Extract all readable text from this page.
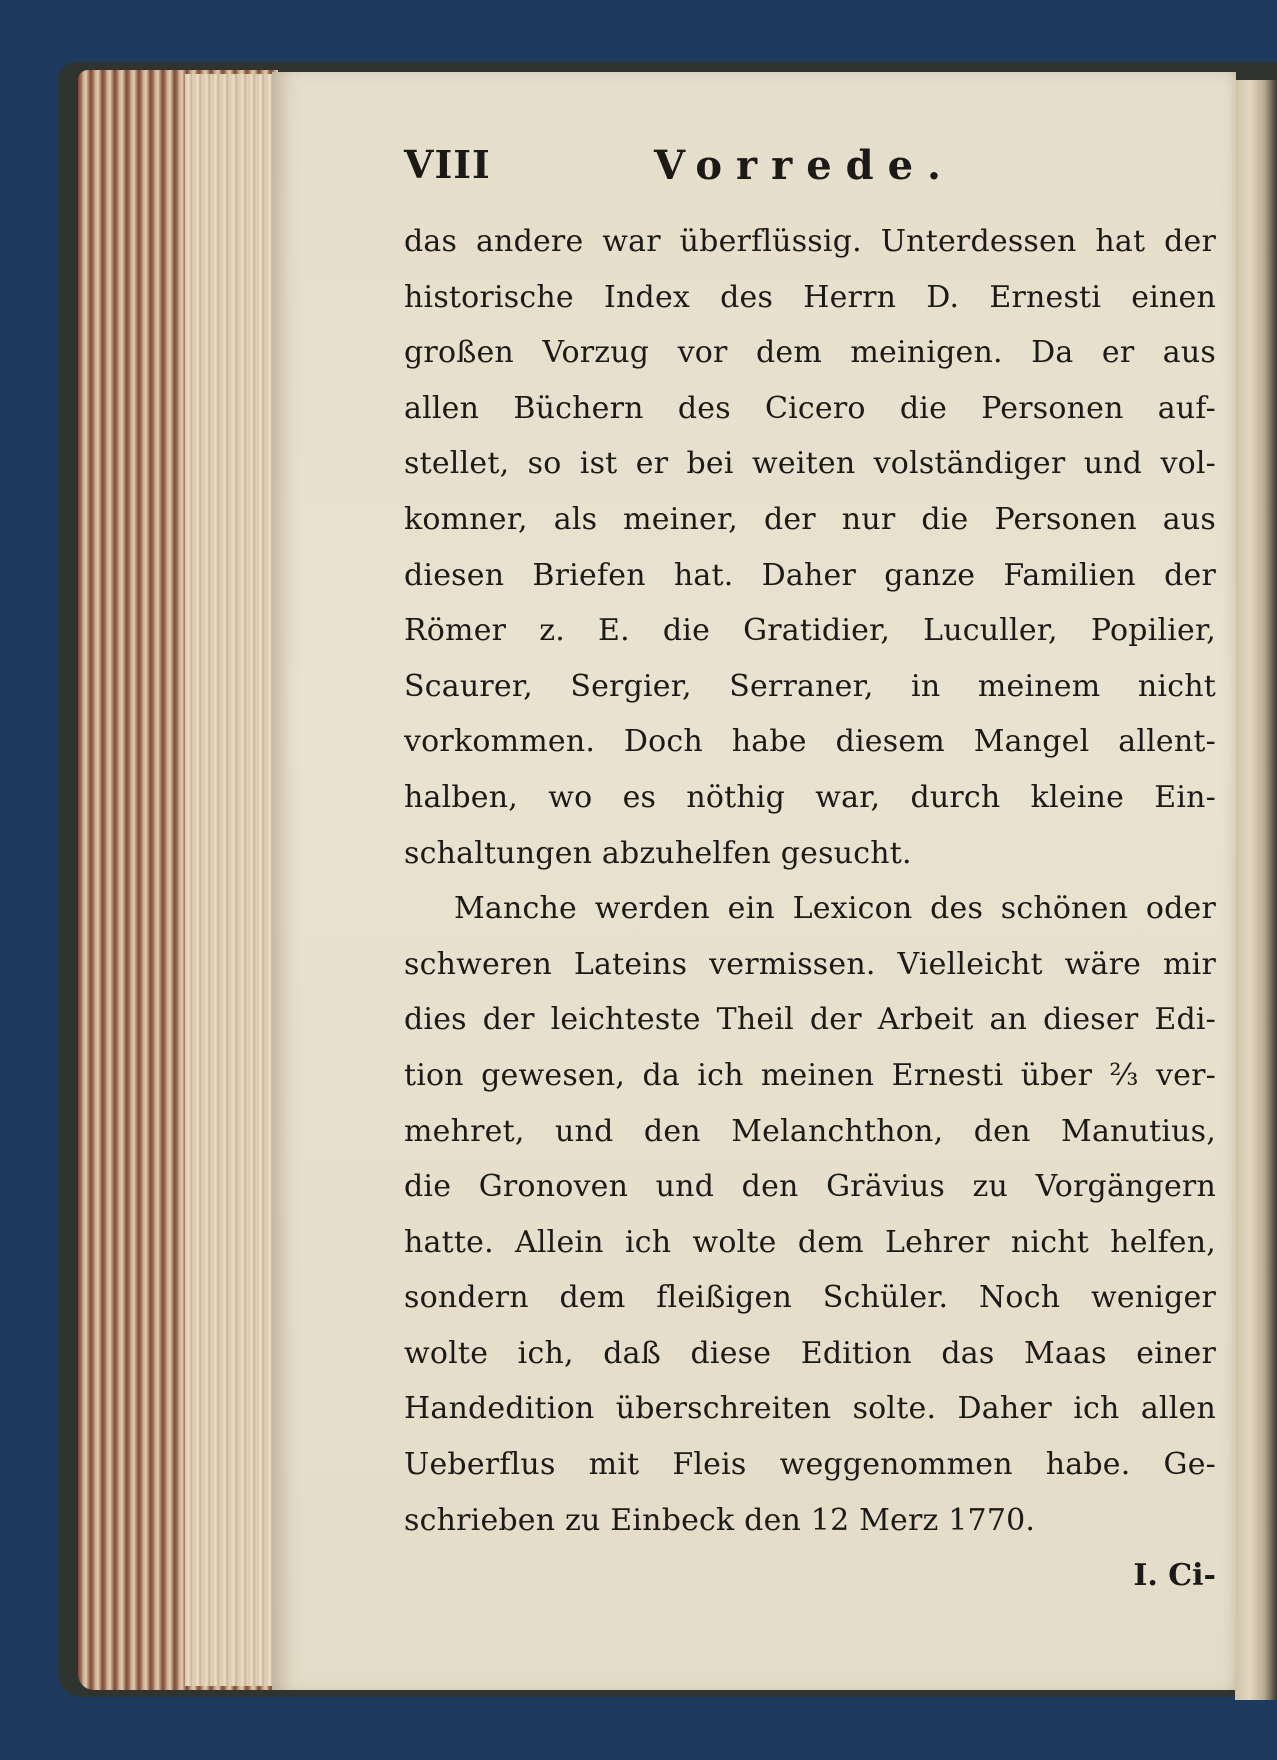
VIII	Vorrede.
das andere war überflüssig. Unterdessen hat der
historische Index des Herrn D. Ernesti einen
großen Vorzug vor dem meinigen. Da er aus
allen Büchern des Cicero die Personen auf-
stellet, so ist er bei weiten volständiger und vol-
komner, als meiner, der nur die Personen aus
diesen Briefen hat. Daher ganze Familien der
Römer z. E. die Gratidier, Luculler, Popilier,
Scaurer, Sergier, Serraner, in meinem nicht
vorkommen. Doch habe diesem Mangel allent-
halben, wo es nöthig war, durch kleine Ein-
schaltungen abzuhelfen gesucht.
Manche werden ein Lexicon des schönen oder
schweren Lateins vermissen. Vielleicht wäre mir
dies der leichteste Theil der Arbeit an dieser Edi-
tion gewesen, da ich meinen Ernesti über ⅔ ver-
mehret, und den Melanchthon, den Manutius,
die Gronoven und den Grävius zu Vorgängern
hatte. Allein ich wolte dem Lehrer nicht helfen,
sondern dem fleißigen Schüler. Noch weniger
wolte ich, daß diese Edition das Maas einer
Handedition überschreiten solte. Daher ich allen
Ueberflus mit Fleis weggenommen habe. Ge-
schrieben zu Einbeck den 12 Merz 1770.
I. Ci-
